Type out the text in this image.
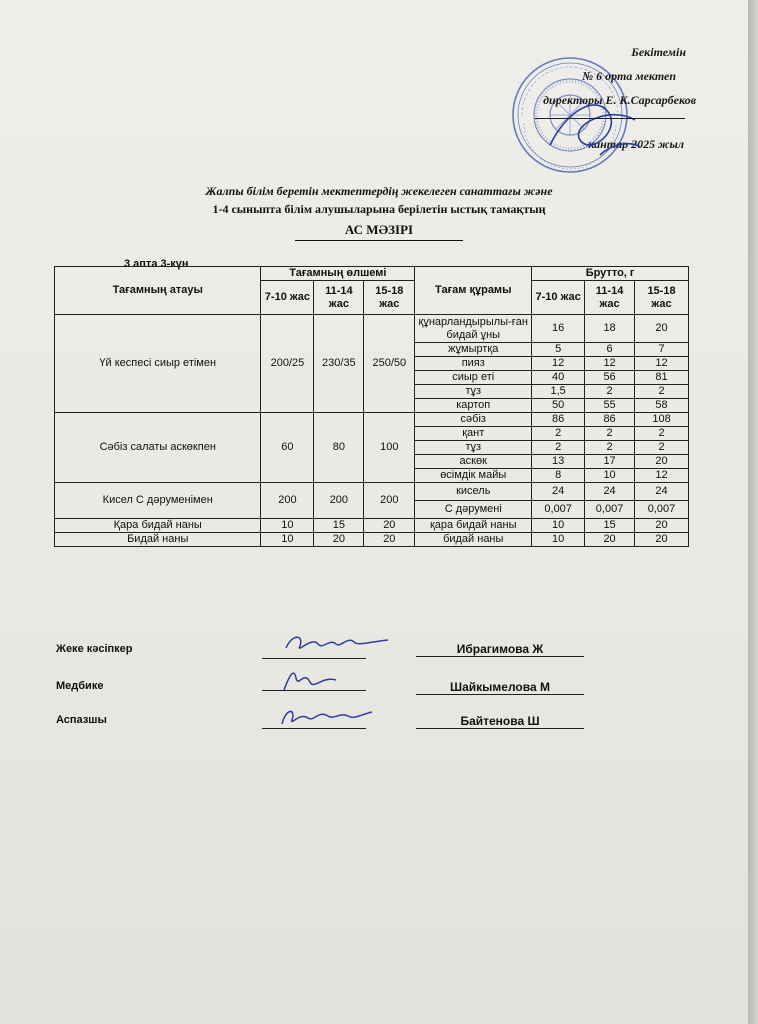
Бекітемін
№ 6 орта мектеп
директоры Е. К.Сарсарбеков
кантар 2025 жыл
Жалпы білім беретін мектептердің жекелеген санаттағы және
1-4 сыныпта білім алушыларына берілетін ыстық тамақтың
АС МӘЗІРІ
3 апта 3-күн
Тағамның атауы	Тағамның өлшемі			Тағам құрамы	Брутто, г		
	7-10 жас	11-14 жас	15-18 жас		7-10 жас	11-14 жас	15-18 жас
Үй кеспесі сиыр етімен	200/25	230/35	250/50	құнарландырылы-ған бидай ұны	16	18	20
				жұмыртқа	5	6	7
				пияз	12	12	12
				сиыр еті	40	56	81
				тұз	1,5	2	2
				картоп	50	55	58
Сәбіз салаты аскөкпен	60	80	100	сәбіз	86	86	108
				қант	2	2	2
				тұз	2	2	2
				аскөк	13	17	20
				өсімдік майы	8	10	12
Кисел С дәруменімен	200	200	200	кисель	24	24	24
				С дәрумені	0,007	0,007	0,007
Қара бидай наны	10	15	20	қара бидай наны	10	15	20
Бидай наны	10	20	20	бидай наны	10	20	20
Жеке кәсіпкер	Ибрагимова Ж
Медбике	Шайкымелова М
Аспазшы	Байтенова Ш
